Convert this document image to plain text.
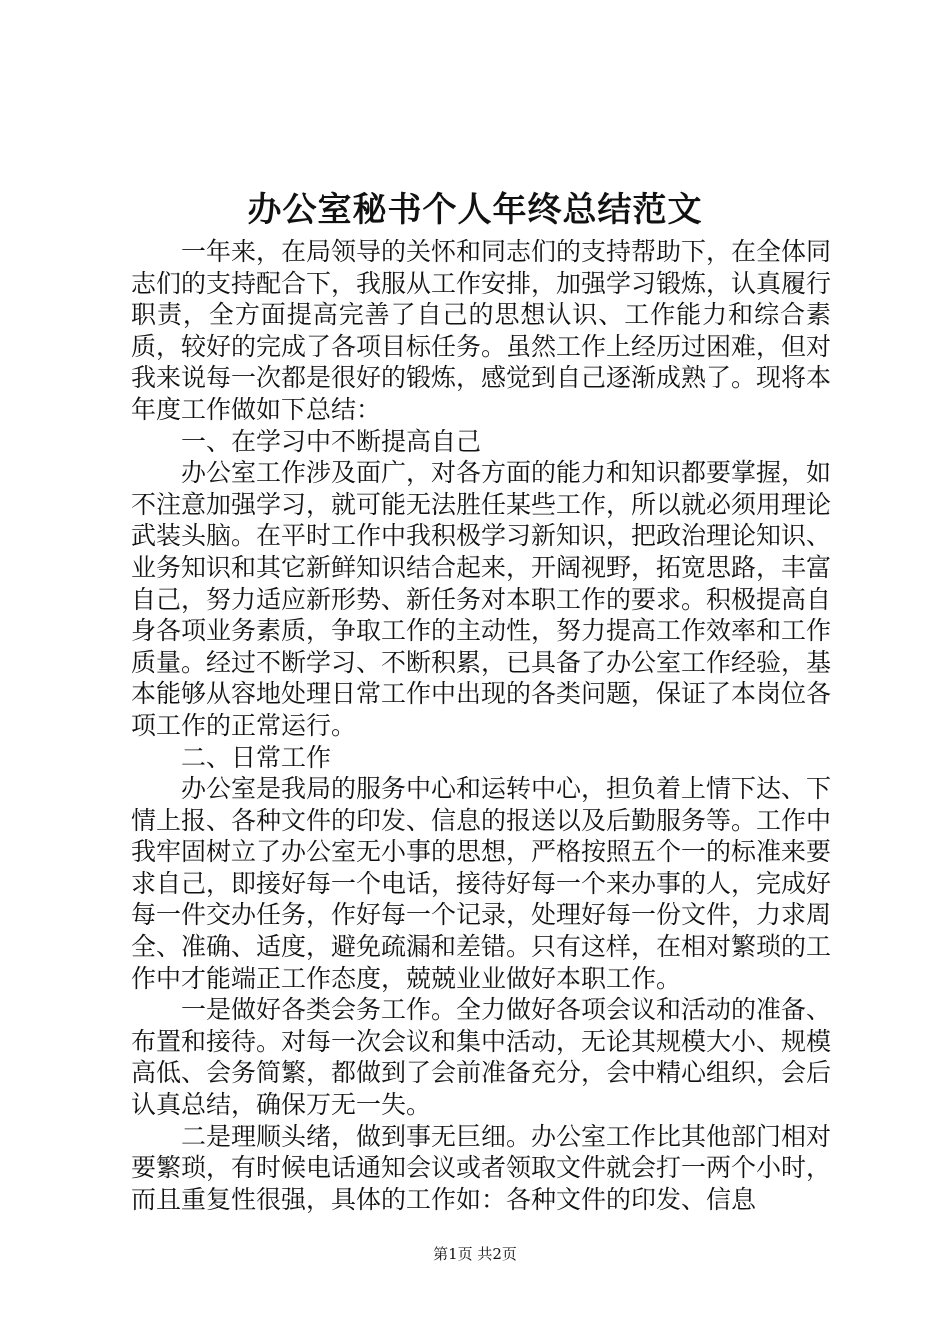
办公室秘书个人年终总结范文

一年来，在局领导的关怀和同志们的支持帮助下，在全体同志们的支持配合下，我服从工作安排，加强学习锻炼，认真履行职责，全方面提高完善了自己的思想认识、工作能力和综合素质，较好的完成了各项目标任务。虽然工作上经历过困难，但对我来说每一次都是很好的锻炼，感觉到自己逐渐成熟了。现将本年度工作做如下总结：

一、在学习中不断提高自己

办公室工作涉及面广，对各方面的能力和知识都要掌握，如不注意加强学习，就可能无法胜任某些工作，所以就必须用理论武装头脑。在平时工作中我积极学习新知识，把政治理论知识、业务知识和其它新鲜知识结合起来，开阔视野，拓宽思路，丰富自己，努力适应新形势、新任务对本职工作的要求。积极提高自身各项业务素质，争取工作的主动性，努力提高工作效率和工作质量。经过不断学习、不断积累，已具备了办公室工作经验，基本能够从容地处理日常工作中出现的各类问题，保证了本岗位各项工作的正常运行。

二、日常工作

办公室是我局的服务中心和运转中心，担负着上情下达、下情上报、各种文件的印发、信息的报送以及后勤服务等。工作中我牢固树立了办公室无小事的思想，严格按照五个一的标准来要求自己，即接好每一个电话，接待好每一个来办事的人，完成好每一件交办任务，作好每一个记录，处理好每一份文件，力求周全、准确、适度，避免疏漏和差错。只有这样，在相对繁琐的工作中才能端正工作态度，兢兢业业做好本职工作。

一是做好各类会务工作。全力做好各项会议和活动的准备、布置和接待。对每一次会议和集中活动，无论其规模大小、规模高低、会务简繁，都做到了会前准备充分，会中精心组织，会后认真总结，确保万无一失。

二是理顺头绪，做到事无巨细。办公室工作比其他部门相对要繁琐，有时候电话通知会议或者领取文件就会打一两个小时，而且重复性很强，具体的工作如：各种文件的印发、信息

第1页 共2页
